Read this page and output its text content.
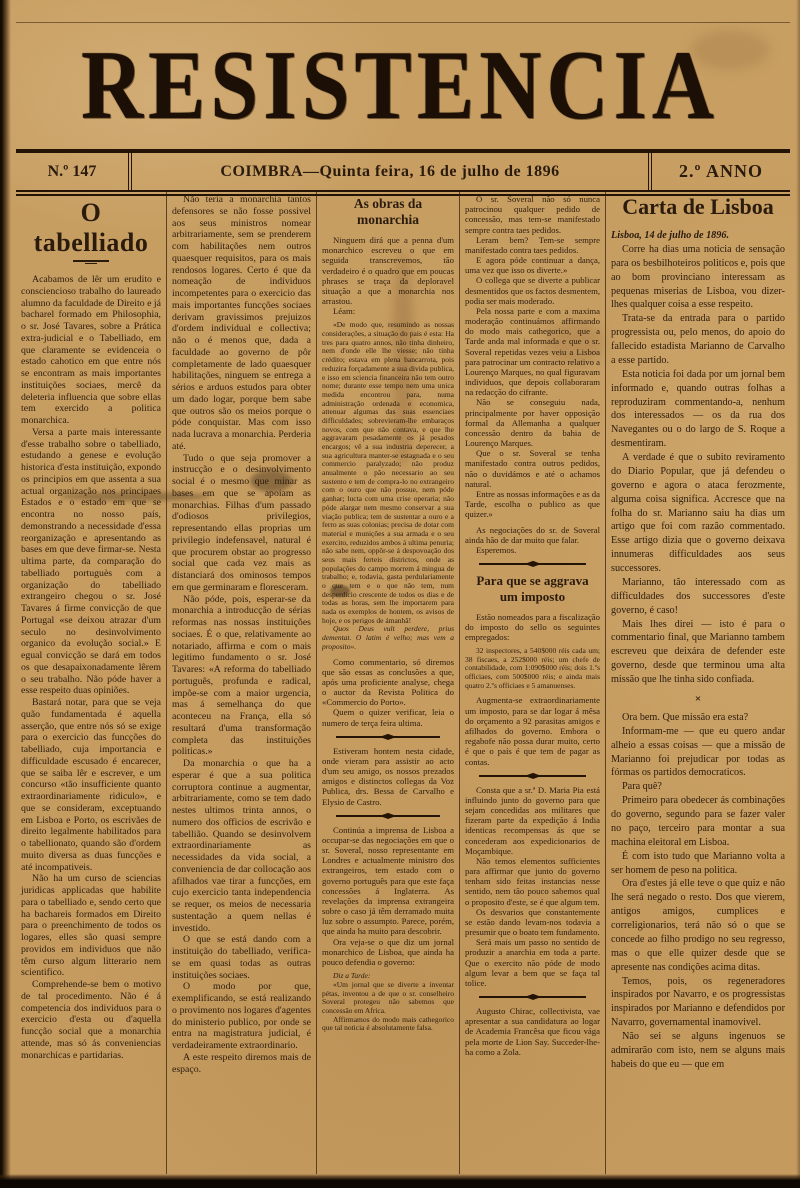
RESISTENCIA
N.º 147	COIMBRA—Quinta feira, 16 de julho de 1896	2.º ANNO
O tabelliado

Acabamos de lêr um erudito e consciencioso trabalho do laureado alumno da faculdade de Direito e já bacharel formado em Philosophia, o sr. José Tavares, sobre a Prática extra-judicial e o Tabelliado, em que claramente se evidenceia o estado cahotico em que entre nós se encontram as mais importantes instituições sociaes, mercê da deleteria influencia que sobre ellas tem exercido a politica monarchica.

Versa a parte mais interessante d'esse trabalho sobre o tabelliado, estudando a genese e evolução historica d'esta instituição, expondo os principios em que assenta a sua actual organização nos principaes Estados e o estado em que se encontra no nosso país, demonstrando a necessidade d'essa reorganização e apresentando as bases em que deve firmar-se. Nesta ultima parte, da comparação do tabelliado portuguès com a organização do tabelliado extrangeiro chegou o sr. José Tavares á firme convicção de que Portugal «se deixou atrazar d'um seculo no desinvolvimento organico da evolução social.» E egual convicção se dará em todos os que desapaixonadamente lêrem o seu trabalho. Não póde haver a esse respeito duas opiniões.

Bastará notar, para que se veja quão fundamentada é aquella asserção, que entre nós só se exige para o exercicio das funcções do tabelliado, cuja importancia e difficuldade escusado é encarecer, que se saiba lêr e escrever, e um concurso «tão insufficiente quanto extraordinariamente ridiculo», e que se consideram, exceptuando em Lisboa e Porto, os escrivães de direito legalmente habilitados para o tabellionato, quando são d'ordem muito diversa as duas funcções e até incompativeis.

Não ha um curso de sciencias juridicas applicadas que habilite para o tabelliado e, sendo certo que ha bachareis formados em Direito para o preenchimento de todos os logares, elles são quasi sempre providos em individuos que não têm curso algum litterario nem scientifico.

Comprehende-se bem o motivo de tal procedimento. Não é á competencia dos individuos para o exercicio d'esta ou d'aquella funcção social que a monarchia attende, mas só ás conveniencias monarchicas e partidarias.

Não teria a monarchia tantos defensores se não fosse possivel aos seus ministros nomear arbitrariamente, sem se prenderem com habilitações nem outros quaesquer requisitos, para os mais rendosos logares. Certo é que da nomeação de individuos incompetentes para o exercicio das mais importantes funcções sociaes derivam gravissimos prejuizos d'ordem individual e collectiva; não o é menos que, dada a faculdade ao governo de pôr completamente de lado quaesquer habilitações, ninguem se entrega a sérios e arduos estudos para obter um dado logar, porque bem sabe que outros são os meios porque o póde conquistar. Mas com isso nada lucrava a monarchia. Perderia até.

Tudo o que seja promover a instrucção e o desinvolvimento social é o mesmo que minar as bases em que se apoiam as monarchias. Filhas d'um passado d'odiosos privilegios, representando ellas proprias um privilegio indefensavel, natural é que procurem obstar ao progresso social que cada vez mais as distanciará dos ominosos tempos em que germinaram e floresceram.

Não póde, pois, esperar-se da monarchia a introducção de sérias reformas nas nossas instituições sociaes. É o que, relativamente ao notariado, affirma e com o mais legitimo fundamento o sr. José Tavares: «A reforma do tabelliado português, profunda e radical, impõe-se com a maior urgencia, mas á semelhança do que aconteceu na França, ella só resultará d'uma transformação completa das instituições politicas.»

Da monarchia o que ha a esperar é que a sua politica corruptora continue a augmentar, arbitrariamente, como se tem dado nestes ultimos trinta annos, o numero dos officios de escrivão e tabellião. Quando se desinvolvem extraordinariamente as necessidades da vida social, a conveniencia de dar collocação aos afilhados vae tirar a funcções, em cujo exercicio tanta independencia se requer, os meios de necessaria sustentação a quem nellas é investido.

O que se está dando com a instituição do tabelliado, verifica-se em quasi todas as outras instituições sociaes.

O modo por que, exemplificando, se está realizando o provimento nos logares d'agentes do ministerio publico, por onde se entra na magistratura judicial, é verdadeiramente extraordinario.

A este respeito diremos mais de espaço.

As obras da monarchia

Ninguem dirá que a penna d'um monarchico escreveu o que em seguida transcrevemos, tão verdadeiro é o quadro que em poucas phrases se traça da deploravel situação a que a monarchia nos arrastou.

Léam:

«De modo que, resumindo as nossas considerações, a situação do pais é esta: Ha tres para quatro annos, não tinha dinheiro, nem d'onde elle lhe viesse; não tinha crédito; estava em plena bancarrota, pois reduzira forçadamente a sua divida publica, e isso em sciencia financeira não tem outro nome; durante esse tempo nem uma unica medida encontrou para, numa administração ordenada e economica, attenuar algumas das suas essenciaes difficuldades; sobrevieram-lhe embaraços novos, com que não contava, e que lhe aggravaram pesadamente os já pesados encargos; vê a sua industria deperecer, a sua agricultura manter-se estagnada e o seu commercio paralyzado; não produz anualmente o pão necessario ao seu sustento e tem de compra-lo no extrangeiro com o ouro que não possue, nem póde ganhar; lucta com uma crise operaria; não póde alargar nem mesmo conservar a sua viação publica; tem de sustentar a ouro e a ferro as suas colonias; precisa de dotar com material e munições a sua armada e o seu exercito, reduzidos ambos á ultima penuria; não sabe nem, oppôr-se á despovoação dos seus mais ferteis districtos, onde as populações do campo morrem á mingua de trabalho; e, todavia, gasta perdulariamente o que tem e o que não tem, num desperdicio crescente de todos os dias e de todas as horas, sem lhe importarem para nada os exemplos de hontem, os avisos de hoje, e os perigos de ámanhã!

Quos Deus vult perdere, prius dementat. O latim é velho; mas vem a proposito».

Como commentario, só diremos que são essas as conclusões a que, após uma proficiente analyse, chega o auctor da Revista Politica do «Commercio do Porto».

Quem o quizer verificar, leia o numero de terça feira ultima.

◆

Estiveram hontem nesta cidade, onde vieram para assistir ao acto d'um seu amigo, os nossos prezados amigos e distinctos collegas da Voz Publica, drs. Bessa de Carvalho e Elysio de Castro.

◆

Continúa a imprensa de Lisboa a occupar-se das negociações em que o sr. Soveral, nosso representante em Londres e actualmente ministro dos extrangeiros, tem estado com o governo português para que este faça concessões á Inglaterra. As revelações da imprensa extrangeira sobre o caso já têm derramado muita luz sobre o assumpto. Parece, porém, que ainda ha muito para descobrir.

Ora veja-se o que diz um jornal monarchico de Lisboa, que ainda ha pouco defendia o governo:

Diz a Tarde:

«Um jornal que se diverte a inventar pétas, inventou a de que o sr. conselheiro Soveral protegeu não sabemos que concessão em Africa.

Affirmamos do modo mais cathegorico que tal noticia é absolutamente falsa.

O sr. Soveral não só nunca patrocinou qualquer pedido de concessão, mas tem-se manifestado sempre contra taes pedidos.

Leram bem? Tem-se sempre manifestado contra taes pedidos.

E agora póde continuar a dança, uma vez que isso os diverte.»

O collega que se diverte a publicar desmentidos que os factos desmentem, podia ser mais moderado.

Pela nossa parte e com a maxima moderação continuámos affirmando do modo mais cathegorico, que a Tarde anda mal informada e que o sr. Soveral repetidas vezes veiu a Lisboa para patrocinar um contracto relativo a Lourenço Marques, no qual figuravam individuos, que depois collaboraram na redacção do cifrante.

Não se conseguiu nada, principalmente por haver opposição formal da Allemanha a qualquer concessão dentro da bahia de Lourenço Marques.

Que o sr. Soveral se tenha manifestado contra outros pedidos, não o duvidámos e até o achamos natural.

Entre as nossas informações e as da Tarde, escolha o publico as que quizer.»

As negociações do sr. de Soveral ainda hão de dar muito que falar.

Esperemos.

◆
Para que se aggrava um imposto

Estão nomeados para a fiscalização do imposto do sello os seguintes empregados:

32 inspectores, a 540$000 réis cada um; 38 fiscaes, a 252$000 réis; um chefe de contabilidade, com 1:090$000 réis; dois 1.ºs officiaes, com 500$000 réis; e ainda mais quatro 2.ºs officiaes e 5 amanuenses.

Augmenta-se extraordinariamente um imposto, para se dar logar á mêsa do orçamento a 92 parasitas amigos e afilhados do governo. Embora o regabofe não possa durar muito, certo é que o país é que tem de pagar as contas.

◆

Consta que a sr.ª D. Maria Pia está influindo junto do governo para que sejam concedidas aos militares que fizeram parte da expedição á India identicas recompensas ás que se concederam aos expedicionarios de Moçambique.

Não temos elementos sufficientes para affirmar que junto do governo tenham sido feitas instancias nesse sentido, nem tão pouco sabemos qual o proposito d'este, se é que algum tem.

Os desvarios que constantemente se estão dando levam-nos todavia a presumir que o boato tem fundamento.

Será mais um passo no sentido de produzir a anarchia em toda a parte. Que o exercito não póde de modo algum levar a bem que se faça tal tolice.

◆

Augusto Chirac, collectivista, vae apresentar a sua candidatura ao logar de Academia Francêsa que ficou vága pela morte de Lion Say. Succeder-lhe-ha como a Zola.

Carta de Lisboa

Lisboa, 14 de julho de 1896.

Corre ha dias uma noticia de sensação para os besbilhoteiros politicos e, pois que ao bom provinciano interessam as pequenas miserias de Lisboa, vou dizer-lhes qualquer coisa a esse respeito.

Trata-se da entrada para o partido progressista ou, pelo menos, do apoio do fallecido estadista Marianno de Carvalho a esse partido.

Esta noticia foi dada por um jornal bem informado e, quando outras folhas a reproduziram commentando-a, nenhum dos interessados — os da rua dos Navegantes ou o do largo de S. Roque a desmentiram.

A verdade é que o subito reviramento do Diario Popular, que já defendeu o governo e agora o ataca ferozmente, alguma coisa significa. Accresce que na folha do sr. Marianno saiu ha dias um artigo que foi com razão commentado. Esse artigo dizia que o governo deixava innumeras difficuldades aos seus successores.

Marianno, tão interessado com as difficuldades dos successores d'este governo, é caso!

Mais lhes direi — isto é para o commentario final, que Marianno tambem escreveu que deixára de defender este governo, desde que terminou uma alta missão que lhe tinha sido confiada.

×

Ora bem. Que missão era esta?

Informam-me — que eu quero andar alheio a essas coisas — que a missão de Marianno foi prejudicar por todas as fórmas os partidos democraticos.

Para quê?

Primeiro para obedecer ás combinações do governo, segundo para se fazer valer no paço, terceiro para montar a sua machina eleitoral em Lisboa.

É com isto tudo que Marianno volta a ser homem de peso na politica.

Ora d'estes já elle teve o que quiz e não lhe será negado o resto. Dos que vierem, antigos amigos, cumplices e correligionarios, terá não só o que se concede ao filho prodigo no seu regresso, mas o que elle quizer desde que se apresente nas condições acima ditas.

Temos, pois, os regeneradores inspirados por Navarro, e os progressistas inspirados por Marianno e defendidos por Navarro, governamental inamovivel.

Não sei se alguns ingenuos se admirarão com isto, nem se alguns mais habeis do que eu — que em
